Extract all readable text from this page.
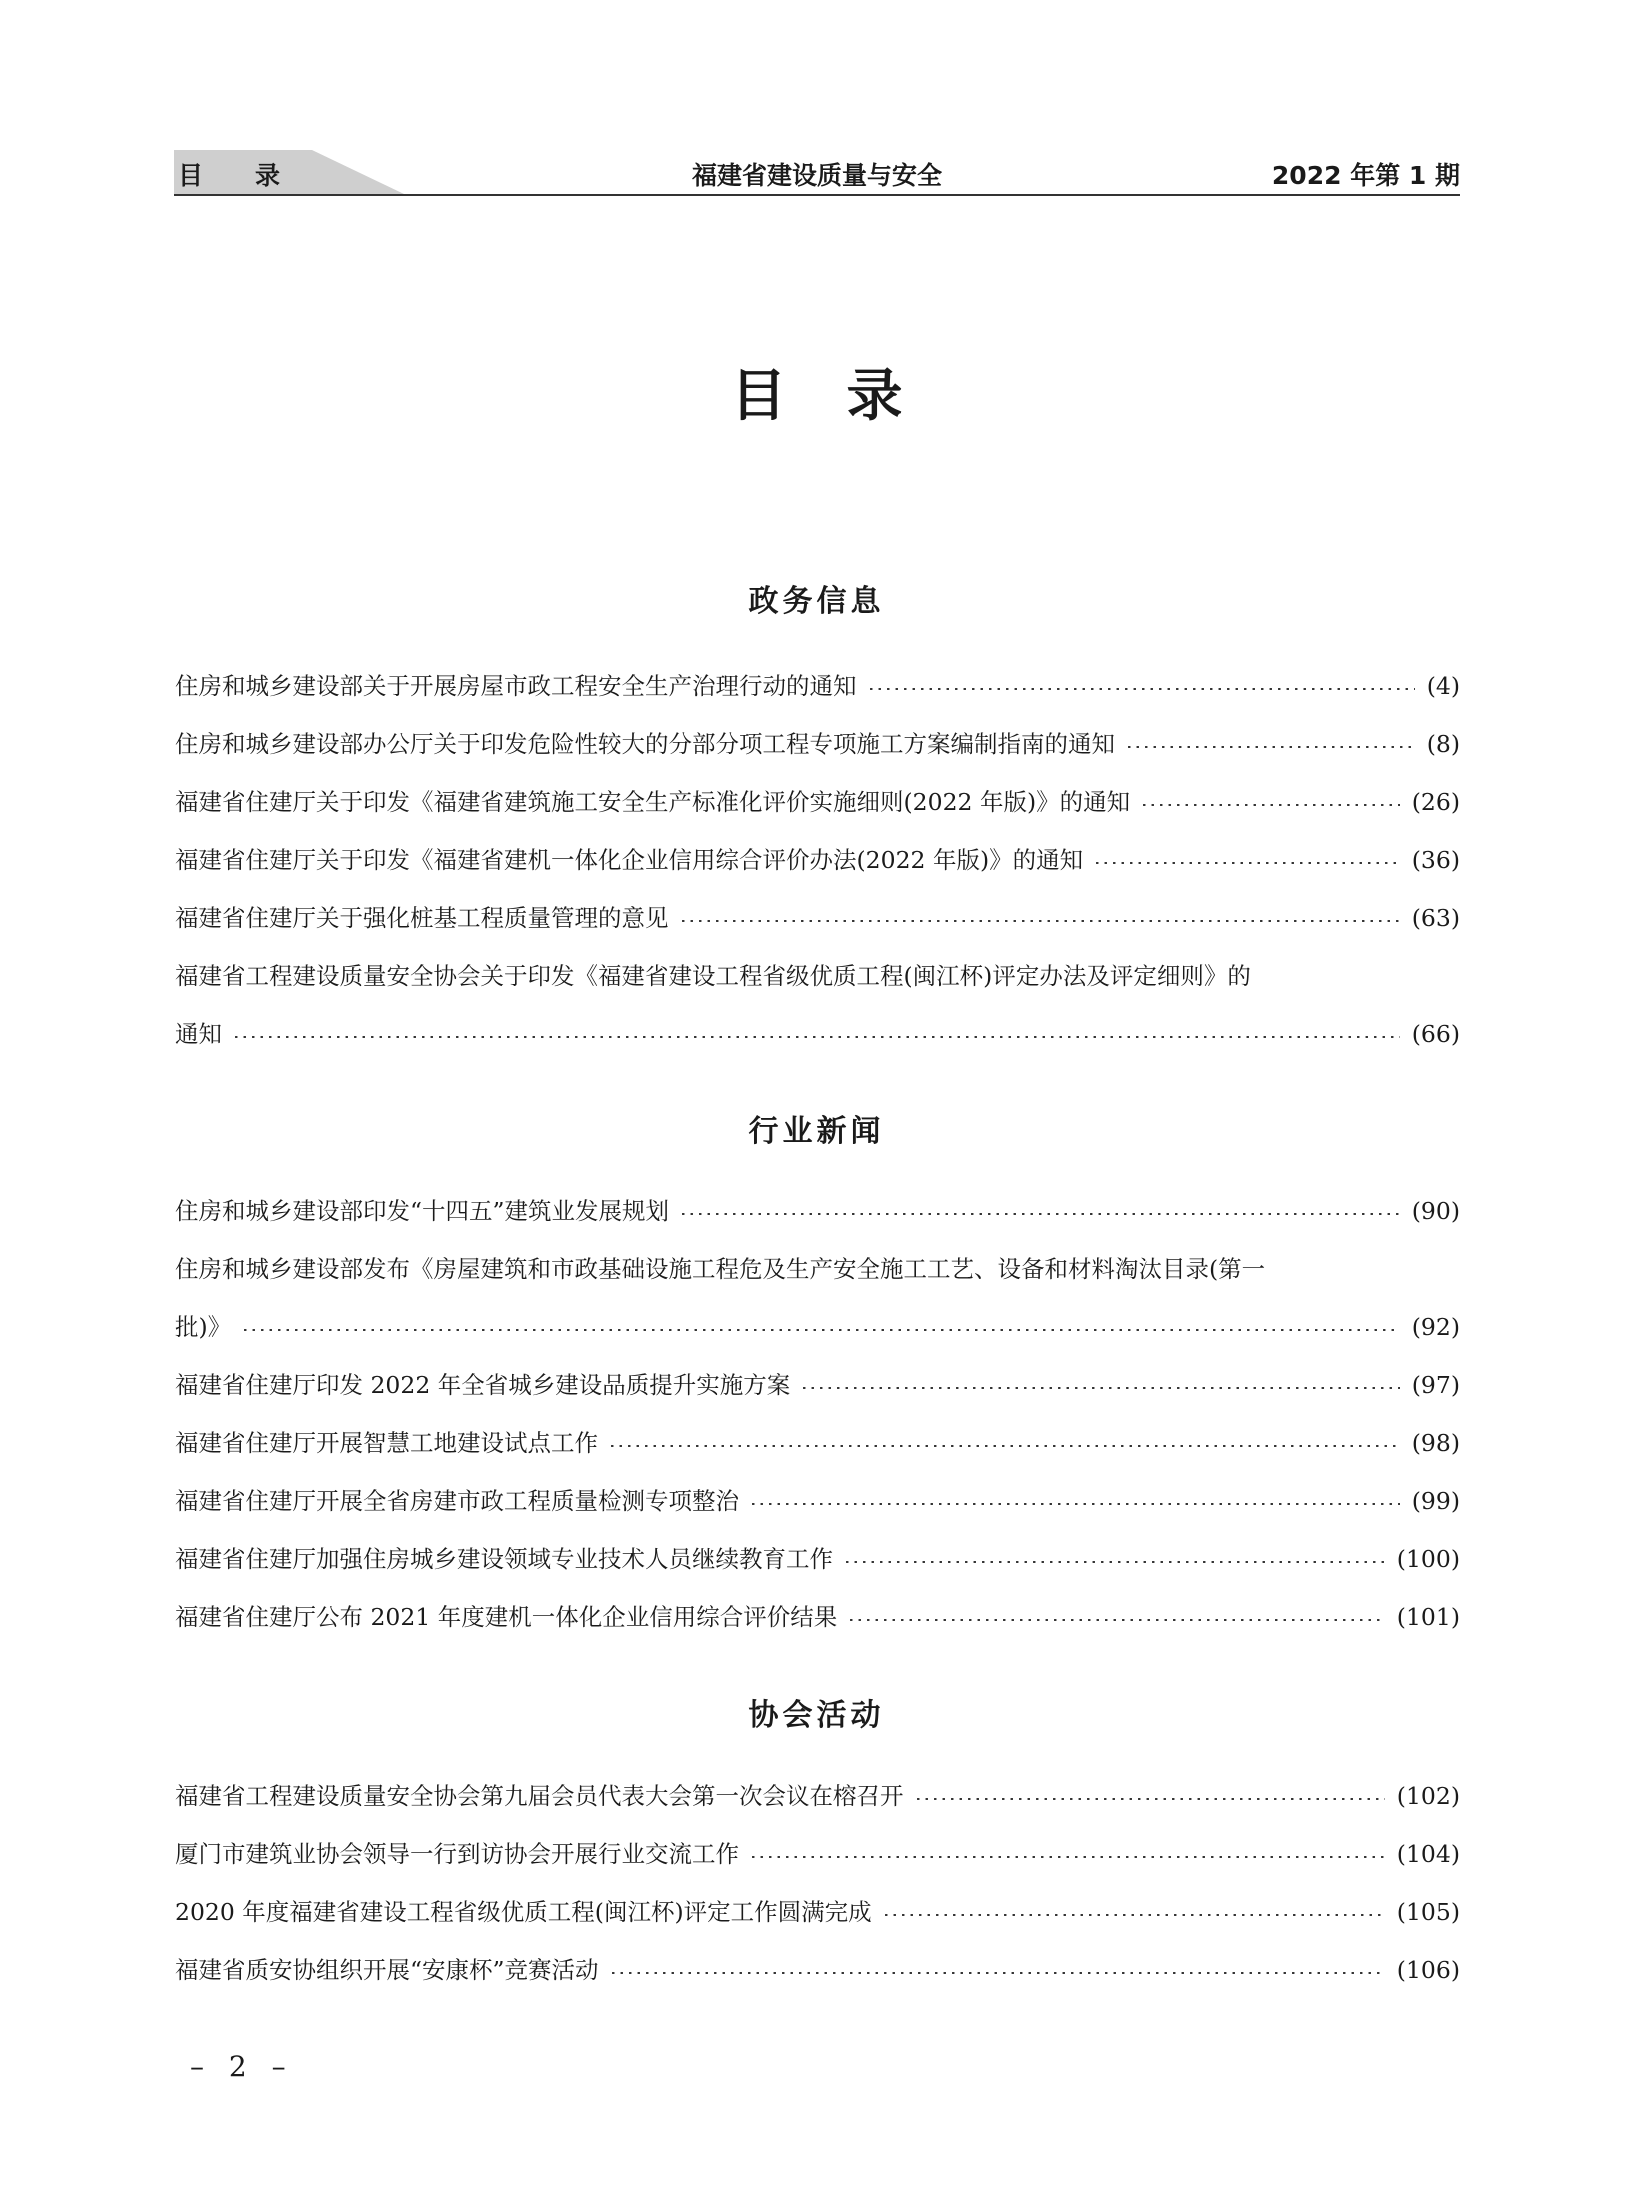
目录	福建省建设质量与安全	2022 年第 1 期
目录
政务信息
住房和城乡建设部关于开展房屋市政工程安全生产治理行动的通知	(4)
住房和城乡建设部办公厅关于印发危险性较大的分部分项工程专项施工方案编制指南的通知	(8)
福建省住建厅关于印发《福建省建筑施工安全生产标准化评价实施细则(2022 年版)》的通知	(26)
福建省住建厅关于印发《福建省建机一体化企业信用综合评价办法(2022 年版)》的通知	(36)
福建省住建厅关于强化桩基工程质量管理的意见	(63)
福建省工程建设质量安全协会关于印发《福建省建设工程省级优质工程(闽江杯)评定办法及评定细则》的
通知	(66)
行业新闻
住房和城乡建设部印发“十四五”建筑业发展规划	(90)
住房和城乡建设部发布《房屋建筑和市政基础设施工程危及生产安全施工工艺、设备和材料淘汰目录(第一
批)》	(92)
福建省住建厅印发 2022 年全省城乡建设品质提升实施方案	(97)
福建省住建厅开展智慧工地建设试点工作	(98)
福建省住建厅开展全省房建市政工程质量检测专项整治	(99)
福建省住建厅加强住房城乡建设领域专业技术人员继续教育工作	(100)
福建省住建厅公布 2021 年度建机一体化企业信用综合评价结果	(101)
协会活动
福建省工程建设质量安全协会第九届会员代表大会第一次会议在榕召开	(102)
厦门市建筑业协会领导一行到访协会开展行业交流工作	(104)
2020 年度福建省建设工程省级优质工程(闽江杯)评定工作圆满完成	(105)
福建省质安协组织开展“安康杯”竞赛活动	(106)
– 2 –
